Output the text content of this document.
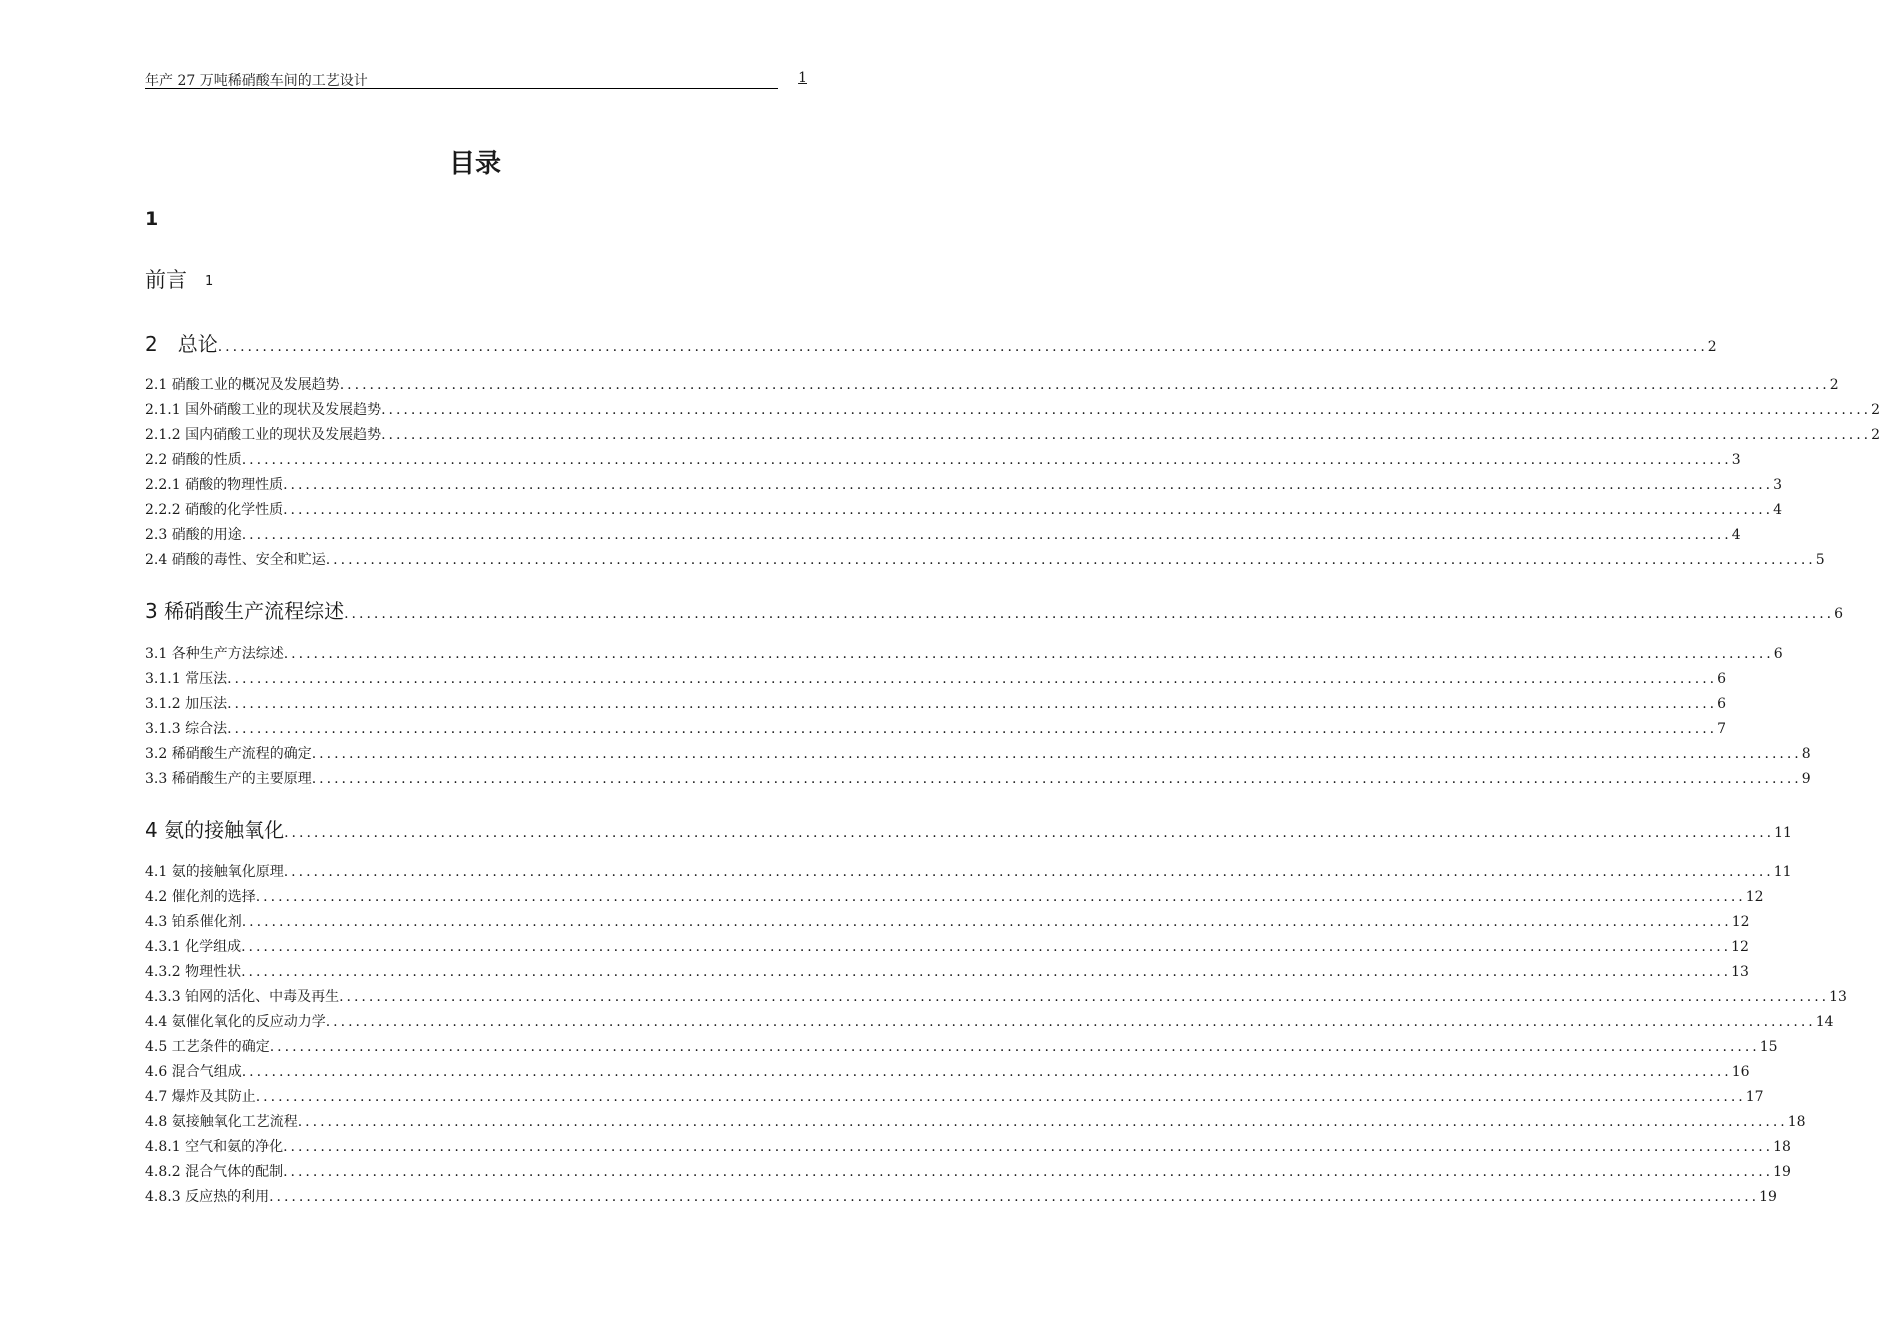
年产 27 万吨稀硝酸车间的工艺设计	1
目录
1
前言 1
2　总论 ........................................................................................................................................................................................................ 2
2.1 硝酸工业的概况及发展趋势 ........................................................................................................................................................................................................ 2
2.1.1 国外硝酸工业的现状及发展趋势 ........................................................................................................................................................................................................ 2
2.1.2 国内硝酸工业的现状及发展趋势 ........................................................................................................................................................................................................ 2
2.2 硝酸的性质 ........................................................................................................................................................................................................ 3
2.2.1 硝酸的物理性质 ........................................................................................................................................................................................................ 3
2.2.2 硝酸的化学性质 ........................................................................................................................................................................................................ 4
2.3 硝酸的用途 ........................................................................................................................................................................................................ 4
2.4 硝酸的毒性、安全和贮运 ........................................................................................................................................................................................................ 5
3 稀硝酸生产流程综述 ........................................................................................................................................................................................................ 6
3.1 各种生产方法综述 ........................................................................................................................................................................................................ 6
3.1.1 常压法 ........................................................................................................................................................................................................ 6
3.1.2 加压法 ........................................................................................................................................................................................................ 6
3.1.3 综合法 ........................................................................................................................................................................................................ 7
3.2 稀硝酸生产流程的确定 ........................................................................................................................................................................................................ 8
3.3 稀硝酸生产的主要原理 ........................................................................................................................................................................................................ 9
4 氨的接触氧化 ........................................................................................................................................................................................................ 11
4.1 氨的接触氧化原理 ........................................................................................................................................................................................................ 11
4.2 催化剂的选择 ........................................................................................................................................................................................................ 12
4.3 铂系催化剂 ........................................................................................................................................................................................................ 12
4.3.1 化学组成 ........................................................................................................................................................................................................ 12
4.3.2 物理性状 ........................................................................................................................................................................................................ 13
4.3.3 铂网的活化、中毒及再生 ........................................................................................................................................................................................................ 13
4.4 氨催化氧化的反应动力学 ........................................................................................................................................................................................................ 14
4.5 工艺条件的确定 ........................................................................................................................................................................................................ 15
4.6 混合气组成 ........................................................................................................................................................................................................ 16
4.7 爆炸及其防止 ........................................................................................................................................................................................................ 17
4.8 氨接触氧化工艺流程 ........................................................................................................................................................................................................ 18
4.8.1 空气和氨的净化 ........................................................................................................................................................................................................ 18
4.8.2 混合气体的配制 ........................................................................................................................................................................................................ 19
4.8.3 反应热的利用 ........................................................................................................................................................................................................ 19
